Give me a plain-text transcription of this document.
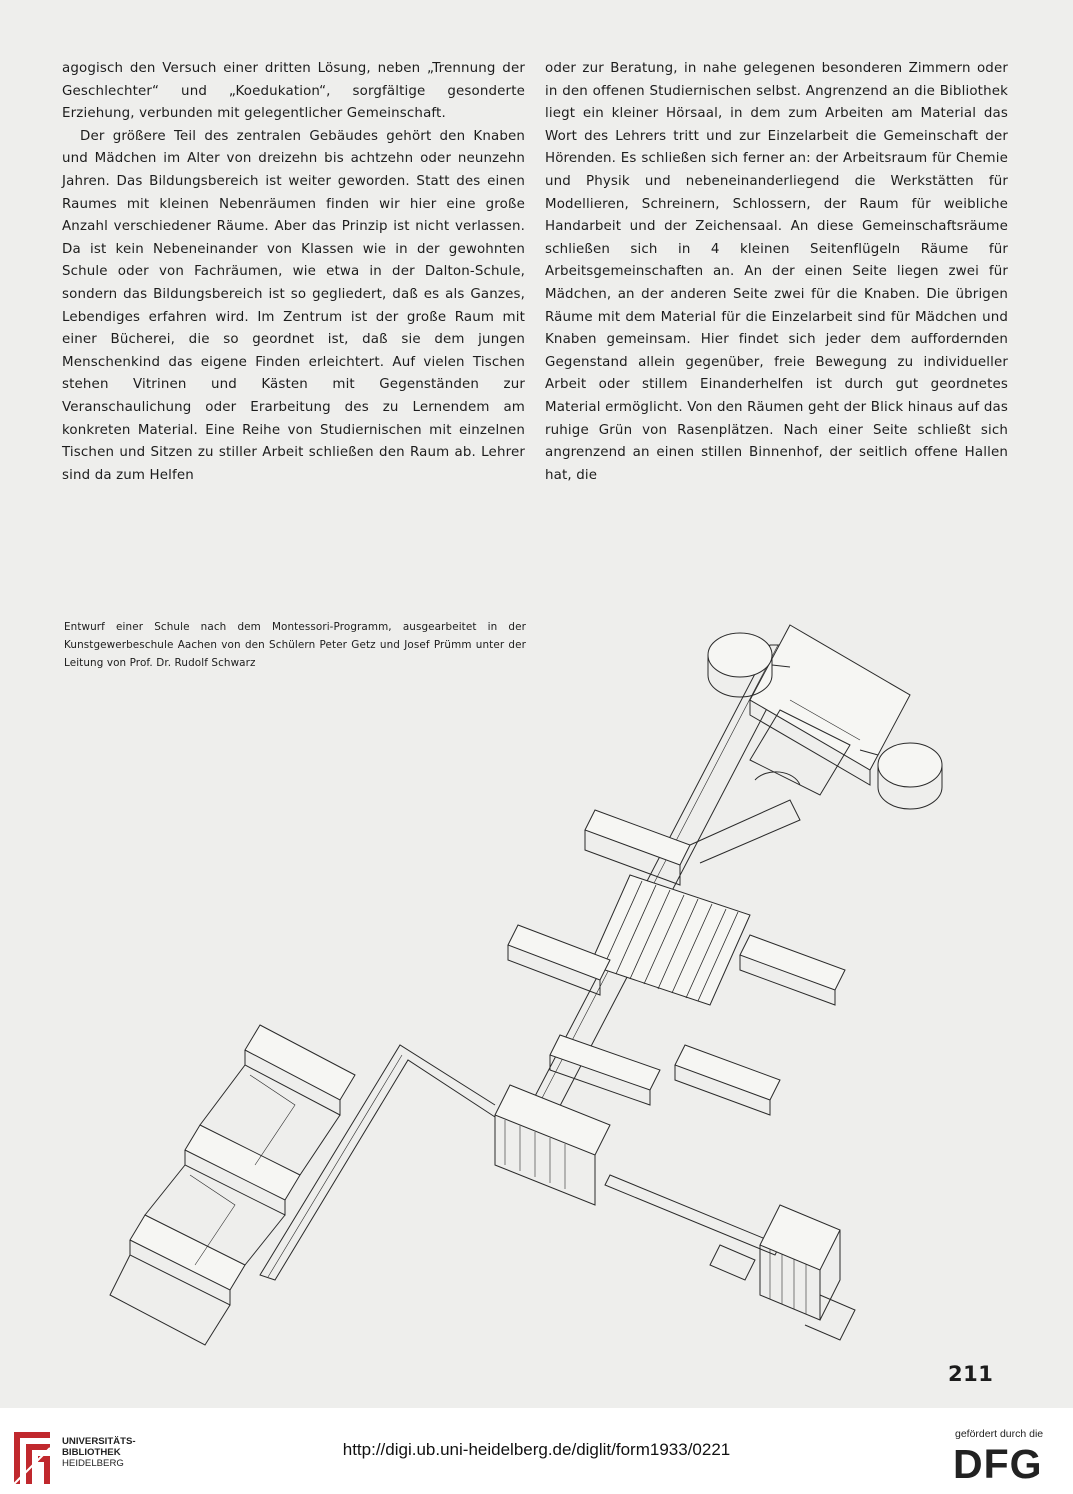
agogisch den Versuch einer dritten Lösung, neben „Trennung der Geschlechter“ und „Koedukation“, sorgfältige gesonderte Erziehung, verbunden mit gelegentlicher Gemeinschaft.

Der größere Teil des zentralen Gebäudes gehört den Knaben und Mädchen im Alter von dreizehn bis achtzehn oder neunzehn Jahren. Das Bildungsbereich ist weiter geworden. Statt des einen Raumes mit kleinen Nebenräumen finden wir hier eine große Anzahl verschiedener Räume. Aber das Prinzip ist nicht verlassen. Da ist kein Nebeneinander von Klassen wie in der gewohnten Schule oder von Fachräumen, wie etwa in der Dalton-Schule, sondern das Bildungsbereich ist so gegliedert, daß es als Ganzes, Lebendiges erfahren wird. Im Zentrum ist der große Raum mit einer Bücherei, die so geordnet ist, daß sie dem jungen Menschenkind das eigene Finden erleichtert. Auf vielen Tischen stehen Vitrinen und Kästen mit Gegenständen zur Veranschaulichung oder Erarbeitung des zu Lernendem am konkreten Material. Eine Reihe von Studiernischen mit einzelnen Tischen und Sitzen zu stiller Arbeit schließen den Raum ab. Lehrer sind da zum Helfen

oder zur Beratung, in nahe gelegenen besonderen Zimmern oder in den offenen Studiernischen selbst. Angrenzend an die Bibliothek liegt ein kleiner Hörsaal, in dem zum Arbeiten am Material das Wort des Lehrers tritt und zur Einzelarbeit die Gemeinschaft der Hörenden. Es schließen sich ferner an: der Arbeitsraum für Chemie und Physik und nebeneinanderliegend die Werkstätten für Modellieren, Schreinern, Schlossern, der Raum für weibliche Handarbeit und der Zeichensaal. An diese Gemeinschaftsräume schließen sich in 4 kleinen Seitenflügeln Räume für Arbeitsgemeinschaften an. An der einen Seite liegen zwei für Mädchen, an der anderen Seite zwei für die Knaben. Die übrigen Räume mit dem Material für die Einzelarbeit sind für Mädchen und Knaben gemeinsam. Hier findet sich jeder dem auffordernden Gegenstand allein gegenüber, freie Bewegung zu individueller Arbeit oder stillem Einanderhelfen ist durch gut geordnetes Material ermöglicht. Von den Räumen geht der Blick hinaus auf das ruhige Grün von Rasenplätzen. Nach einer Seite schließt sich angrenzend an einen stillen Binnenhof, der seitlich offene Hallen hat, die

Entwurf einer Schule nach dem Montessori-Programm, ausgearbeitet in der Kunstgewerbeschule Aachen von den Schülern Peter Getz und Josef Prümm unter der Leitung von Prof. Dr. Rudolf Schwarz
211
UNIVERSITÄTS-
BIBLIOTHEK
HEIDELBERG
http://digi.ub.uni-heidelberg.de/diglit/form1933/0221
gefördert durch die
DFG
